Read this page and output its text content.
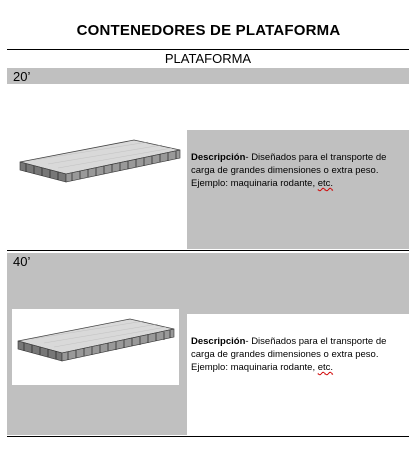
CONTENEDORES DE PLATAFORMA
PLATAFORMA
20’
Descripción- Diseñados para el transporte de carga de grandes dimensiones o extra peso. Ejemplo: maquinaria rodante, etc.
40’
Descripción- Diseñados para el transporte de carga de grandes dimensiones o extra peso. Ejemplo: maquinaria rodante, etc.
